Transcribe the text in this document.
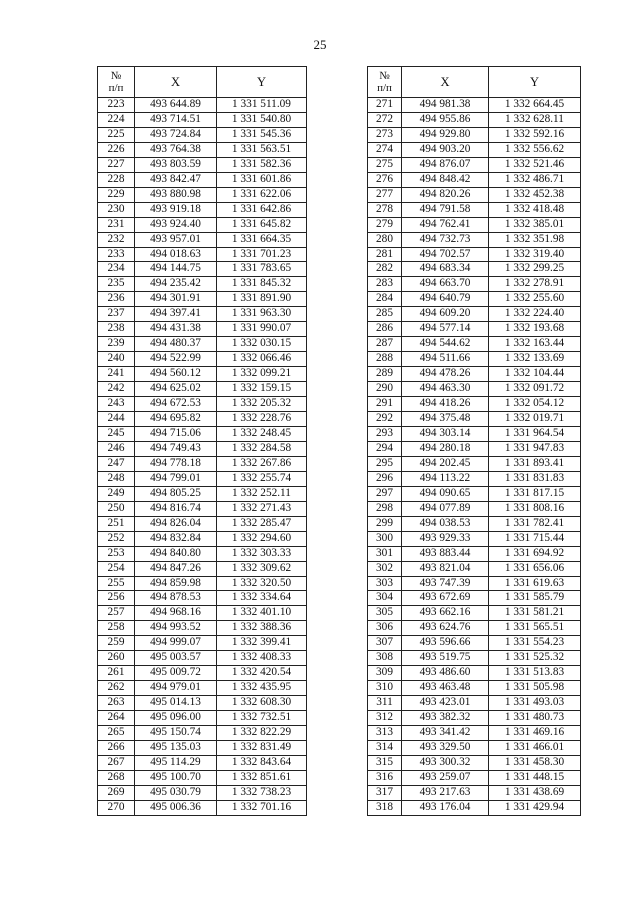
25
№
п/п	X	Y
223	493 644.89	1 331 511.09
224	493 714.51	1 331 540.80
225	493 724.84	1 331 545.36
226	493 764.38	1 331 563.51
227	493 803.59	1 331 582.36
228	493 842.47	1 331 601.86
229	493 880.98	1 331 622.06
230	493 919.18	1 331 642.86
231	493 924.40	1 331 645.82
232	493 957.01	1 331 664.35
233	494 018.63	1 331 701.23
234	494 144.75	1 331 783.65
235	494 235.42	1 331 845.32
236	494 301.91	1 331 891.90
237	494 397.41	1 331 963.30
238	494 431.38	1 331 990.07
239	494 480.37	1 332 030.15
240	494 522.99	1 332 066.46
241	494 560.12	1 332 099.21
242	494 625.02	1 332 159.15
243	494 672.53	1 332 205.32
244	494 695.82	1 332 228.76
245	494 715.06	1 332 248.45
246	494 749.43	1 332 284.58
247	494 778.18	1 332 267.86
248	494 799.01	1 332 255.74
249	494 805.25	1 332 252.11
250	494 816.74	1 332 271.43
251	494 826.04	1 332 285.47
252	494 832.84	1 332 294.60
253	494 840.80	1 332 303.33
254	494 847.26	1 332 309.62
255	494 859.98	1 332 320.50
256	494 878.53	1 332 334.64
257	494 968.16	1 332 401.10
258	494 993.52	1 332 388.36
259	494 999.07	1 332 399.41
260	495 003.57	1 332 408.33
261	495 009.72	1 332 420.54
262	494 979.01	1 332 435.95
263	495 014.13	1 332 608.30
264	495 096.00	1 332 732.51
265	495 150.74	1 332 822.29
266	495 135.03	1 332 831.49
267	495 114.29	1 332 843.64
268	495 100.70	1 332 851.61
269	495 030.79	1 332 738.23
270	495 006.36	1 332 701.16
№
п/п	X	Y
271	494 981.38	1 332 664.45
272	494 955.86	1 332 628.11
273	494 929.80	1 332 592.16
274	494 903.20	1 332 556.62
275	494 876.07	1 332 521.46
276	494 848.42	1 332 486.71
277	494 820.26	1 332 452.38
278	494 791.58	1 332 418.48
279	494 762.41	1 332 385.01
280	494 732.73	1 332 351.98
281	494 702.57	1 332 319.40
282	494 683.34	1 332 299.25
283	494 663.70	1 332 278.91
284	494 640.79	1 332 255.60
285	494 609.20	1 332 224.40
286	494 577.14	1 332 193.68
287	494 544.62	1 332 163.44
288	494 511.66	1 332 133.69
289	494 478.26	1 332 104.44
290	494 463.30	1 332 091.72
291	494 418.26	1 332 054.12
292	494 375.48	1 332 019.71
293	494 303.14	1 331 964.54
294	494 280.18	1 331 947.83
295	494 202.45	1 331 893.41
296	494 113.22	1 331 831.83
297	494 090.65	1 331 817.15
298	494 077.89	1 331 808.16
299	494 038.53	1 331 782.41
300	493 929.33	1 331 715.44
301	493 883.44	1 331 694.92
302	493 821.04	1 331 656.06
303	493 747.39	1 331 619.63
304	493 672.69	1 331 585.79
305	493 662.16	1 331 581.21
306	493 624.76	1 331 565.51
307	493 596.66	1 331 554.23
308	493 519.75	1 331 525.32
309	493 486.60	1 331 513.83
310	493 463.48	1 331 505.98
311	493 423.01	1 331 493.03
312	493 382.32	1 331 480.73
313	493 341.42	1 331 469.16
314	493 329.50	1 331 466.01
315	493 300.32	1 331 458.30
316	493 259.07	1 331 448.15
317	493 217.63	1 331 438.69
318	493 176.04	1 331 429.94
